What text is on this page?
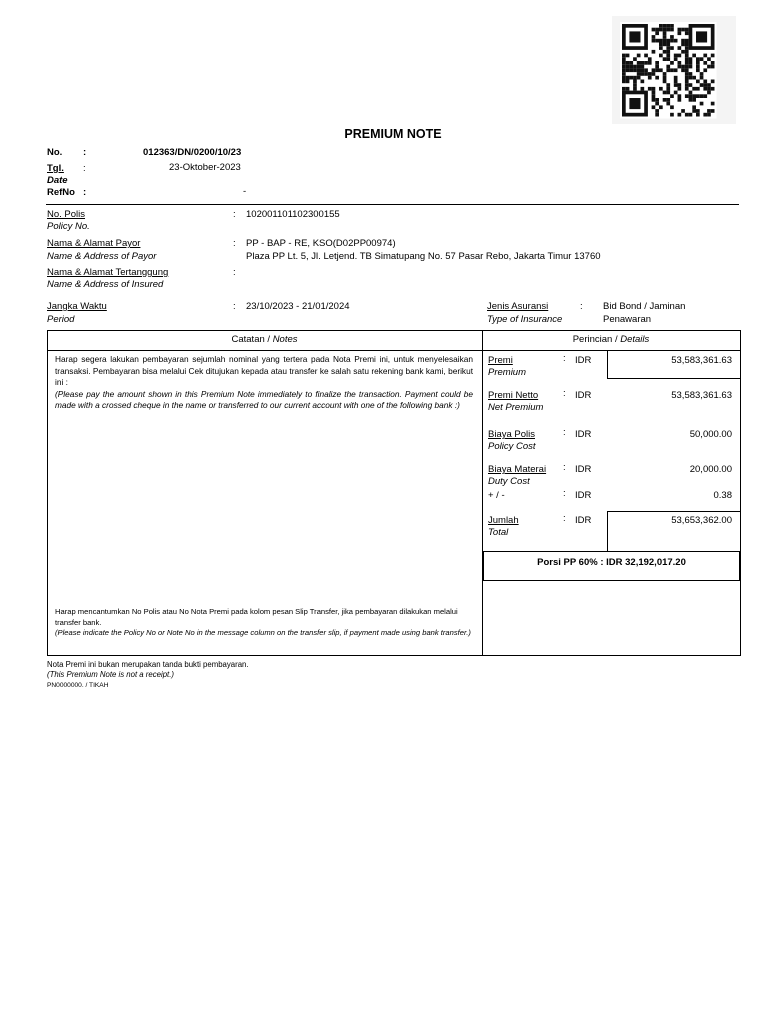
PREMIUM NOTE
No. :	012363/DN/0200/10/23
Tgl. :	23-Oktober-2023
Date
RefNo :	-
No. Polis
Policy No.
: 102001101102300155
Nama & Alamat Payor
Name & Address of Payor
: PP - BAP - RE, KSO(D02PP00974)
Plaza PP Lt. 5, Jl. Letjend. TB Simatupang No. 57 Pasar Rebo, Jakarta Timur 13760
Nama & Alamat Tertanggung
Name & Address of Insured
:
Jangka Waktu
Period
: 23/10/2023 - 21/01/2024	Jenis Asuransi
Type of Insurance
: Bid Bond / Jaminan
Penawaran
Catatan / Notes	Perincian / Details
Harap segera lakukan pembayaran sejumlah nominal yang tertera pada Nota Premi ini, untuk menyelesaikan transaksi. Pembayaran bisa melalui Cek ditujukan kepada atau transfer ke salah satu rekening bank kami, berikut ini :
(Please pay the amount shown in this Premium Note immediately to finalize the transaction. Payment could be made with a crossed cheque in the name or transferred to our current account with one of the following bank :)
Harap mencantumkan No Polis atau No Nota Premi pada kolom pesan Slip Transfer, jika pembayaran dilakukan melalui transfer bank.
(Please indicate the Policy No or Note No in the message column on the transfer slip, if payment made using bank transfer.)
Premi
Premium
: IDR	53,583,361.63
Premi Netto
Net Premium
: IDR	53,583,361.63
Biaya Polis
Policy Cost
: IDR	50,000.00
Biaya Materai
Duty Cost
: IDR	20,000.00
+ / -	: IDR	0.38
Jumlah
Total
: IDR	53,653,362.00
Porsi PP 60% : IDR 32,192,017.20
Nota Premi ini bukan merupakan tanda bukti pembayaran.
(This Premium Note is not a receipt.)
PN0000000. / TIKAH
